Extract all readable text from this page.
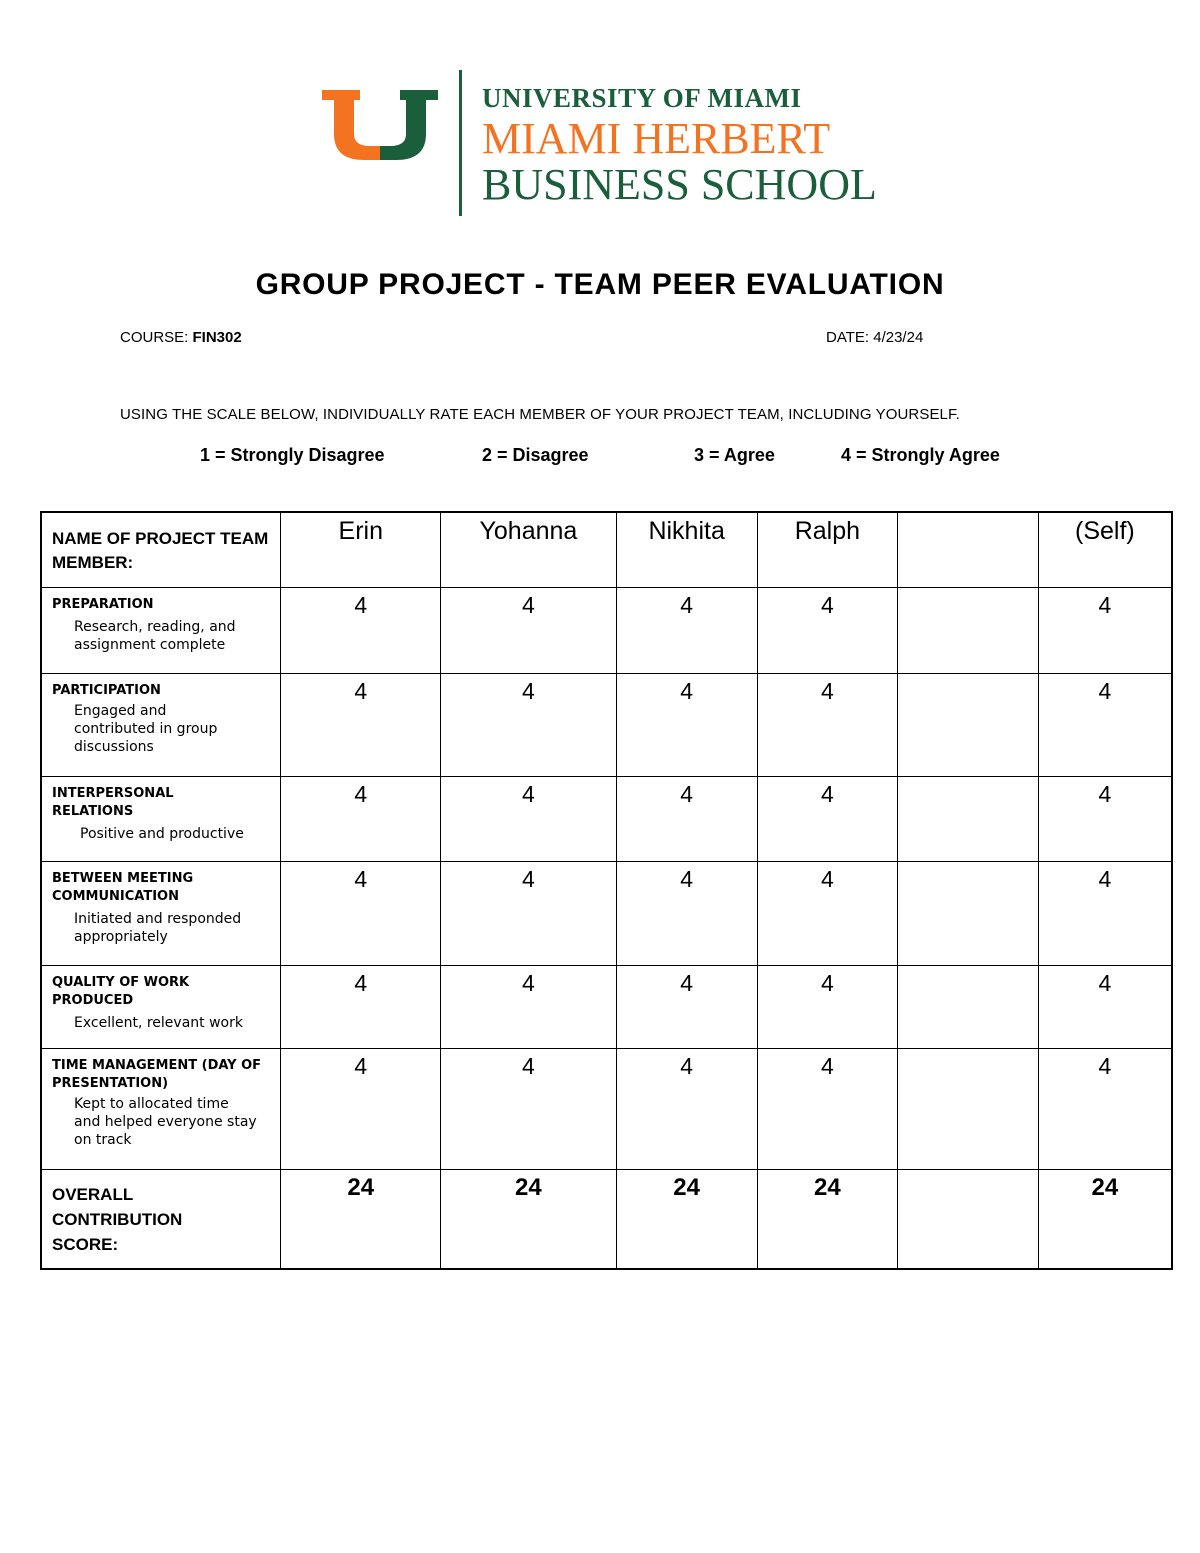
UNIVERSITY OF MIAMI
MIAMI HERBERT
BUSINESS SCHOOL
GROUP PROJECT - TEAM PEER EVALUATION
COURSE: FIN302	DATE: 4/23/24
USING THE SCALE BELOW, INDIVIDUALLY RATE EACH MEMBER OF YOUR PROJECT TEAM, INCLUDING YOURSELF.
1 = Strongly Disagree	2 = Disagree	3 = Agree	4 = Strongly Agree
NAME OF PROJECT TEAM MEMBER:	Erin	Yohanna	Nikhita	Ralph		(Self)

PREPARATION
Research, reading, and assignment complete	4	4	4	4		4

PARTICIPATION
Engaged and contributed in group discussions	4	4	4	4		4

INTERPERSONAL RELATIONS
Positive and productive	4	4	4	4		4

BETWEEN MEETING COMMUNICATION
Initiated and responded appropriately	4	4	4	4		4

QUALITY OF WORK PRODUCED
Excellent, relevant work	4	4	4	4		4

TIME MANAGEMENT (DAY OF PRESENTATION)
Kept to allocated time and helped everyone stay on track	4	4	4	4		4

OVERALL CONTRIBUTION SCORE:	24	24	24	24		24
